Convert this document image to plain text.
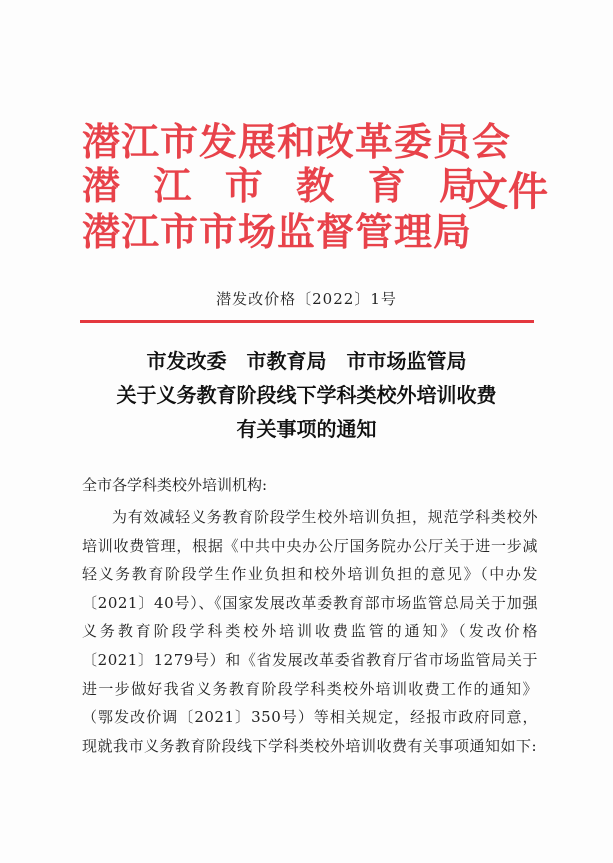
潜江市发展和改革委员会
潜 江 市 教 育 局
潜江市市场监督管理局
文件
潜发改价格〔2022〕1号
市发改委　市教育局　市市场监管局
关于义务教育阶段线下学科类校外培训收费
有关事项的通知
全市各学科类校外培训机构:
为有效减轻义务教育阶段学生校外培训负担，规范学科类校外培训收费管理，根据《中共中央办公厅国务院办公厅关于进一步减轻义务教育阶段学生作业负担和校外培训负担的意见》（中办发〔2021〕40号）、《国家发展改革委教育部市场监管总局关于加强义务教育阶段学科类校外培训收费监管的通知》（发改价格〔2021〕1279号）和《省发展改革委省教育厅省市场监管局关于进一步做好我省义务教育阶段学科类校外培训收费工作的通知》（鄂发改价调〔2021〕350号）等相关规定，经报市政府同意，现就我市义务教育阶段线下学科类校外培训收费有关事项通知如下:
